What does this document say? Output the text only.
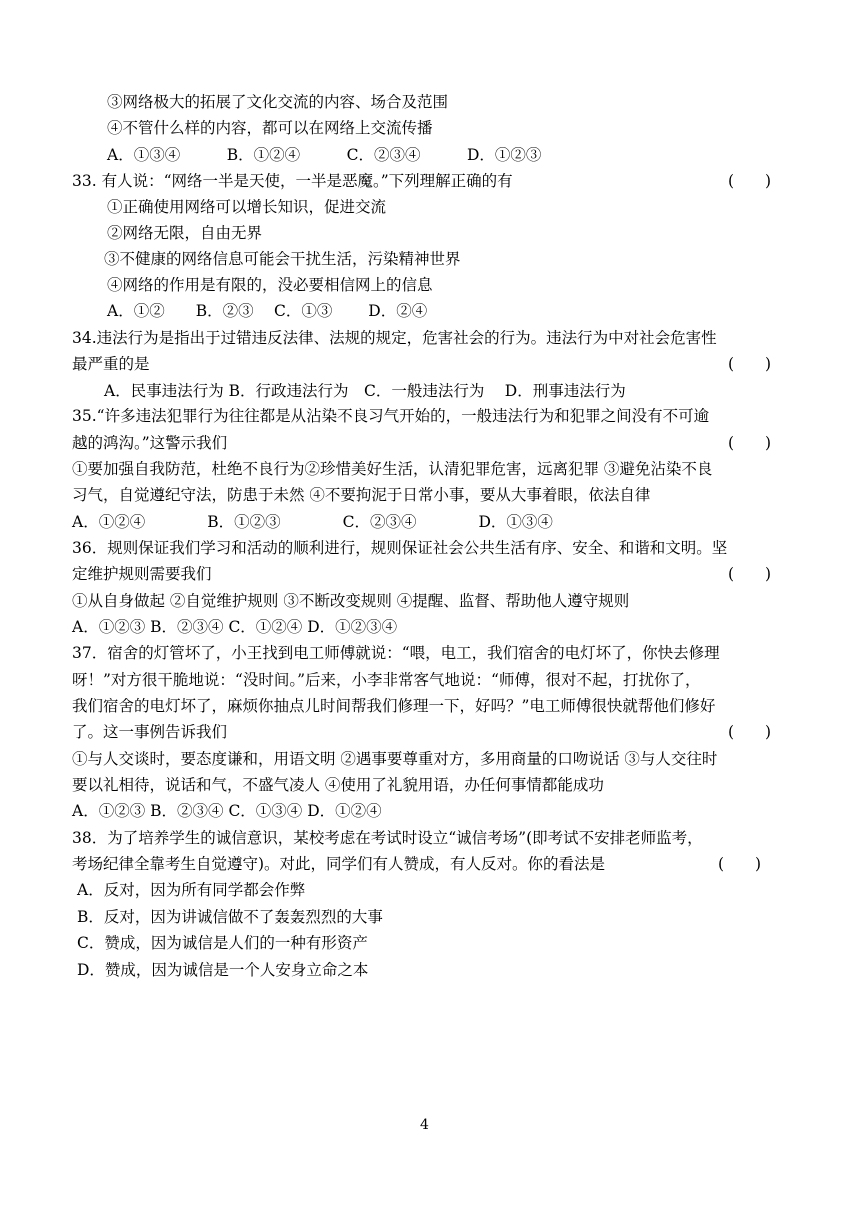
③网络极大的拓展了文化交流的内容、场合及范围
④不管什么样的内容，都可以在网络上交流传播
A．①③④　　　B．①②④　　　C．②③④　　　D．①②③
33. 有人说：“网络一半是天使，一半是恶魔。”下列理解正确的有	(　　)
①正确使用网络可以增长知识，促进交流
②网络无限，自由无界
③不健康的网络信息可能会干扰生活，污染精神世界
④网络的作用是有限的，没必要相信网上的信息
A．①②　　B．②③　 C．①③　　 D．②④
34.违法行为是指出于过错违反法律、法规的规定，危害社会的行为。违法行为中对社会危害性
最严重的是	(　　)
A．民事违法行为 B．行政违法行为　C．一般违法行为　 D．刑事违法行为
35.“许多违法犯罪行为往往都是从沾染不良习气开始的，一般违法行为和犯罪之间没有不可逾
越的鸿沟。”这警示我们	(　　)
①要加强自我防范，杜绝不良行为②珍惜美好生活，认清犯罪危害，远离犯罪 ③避免沾染不良
习气，自觉遵纪守法，防患于未然 ④不要拘泥于日常小事，要从大事着眼，依法自律
A．①②④　　　　B．①②③　　　　C．②③④　　　　D．①③④
36．规则保证我们学习和活动的顺利进行，规则保证社会公共生活有序、安全、和谐和文明。坚
定维护规则需要我们	(　　)
①从自身做起 ②自觉维护规则 ③不断改变规则 ④提醒、监督、帮助他人遵守规则
A．①②③ B．②③④ C．①②④ D．①②③④
37．宿舍的灯管坏了，小王找到电工师傅就说：“喂，电工，我们宿舍的电灯坏了，你快去修理
呀！”对方很干脆地说：“没时间。”后来，小李非常客气地说：“师傅，很对不起，打扰你了，
我们宿舍的电灯坏了，麻烦你抽点儿时间帮我们修理一下，好吗？”电工师傅很快就帮他们修好
了。这一事例告诉我们	(　　)
①与人交谈时，要态度谦和，用语文明 ②遇事要尊重对方，多用商量的口吻说话 ③与人交往时
要以礼相待，说话和气，不盛气凌人 ④使用了礼貌用语，办任何事情都能成功
A．①②③ B．②③④ C．①③④ D．①②④
38．为了培养学生的诚信意识，某校考虑在考试时设立“诚信考场”(即考试不安排老师监考，
考场纪律全靠考生自觉遵守)。对此，同学们有人赞成，有人反对。你的看法是	(　　)
A．反对，因为所有同学都会作弊
B．反对，因为讲诚信做不了轰轰烈烈的大事
C．赞成，因为诚信是人们的一种有形资产
D．赞成，因为诚信是一个人安身立命之本
4
